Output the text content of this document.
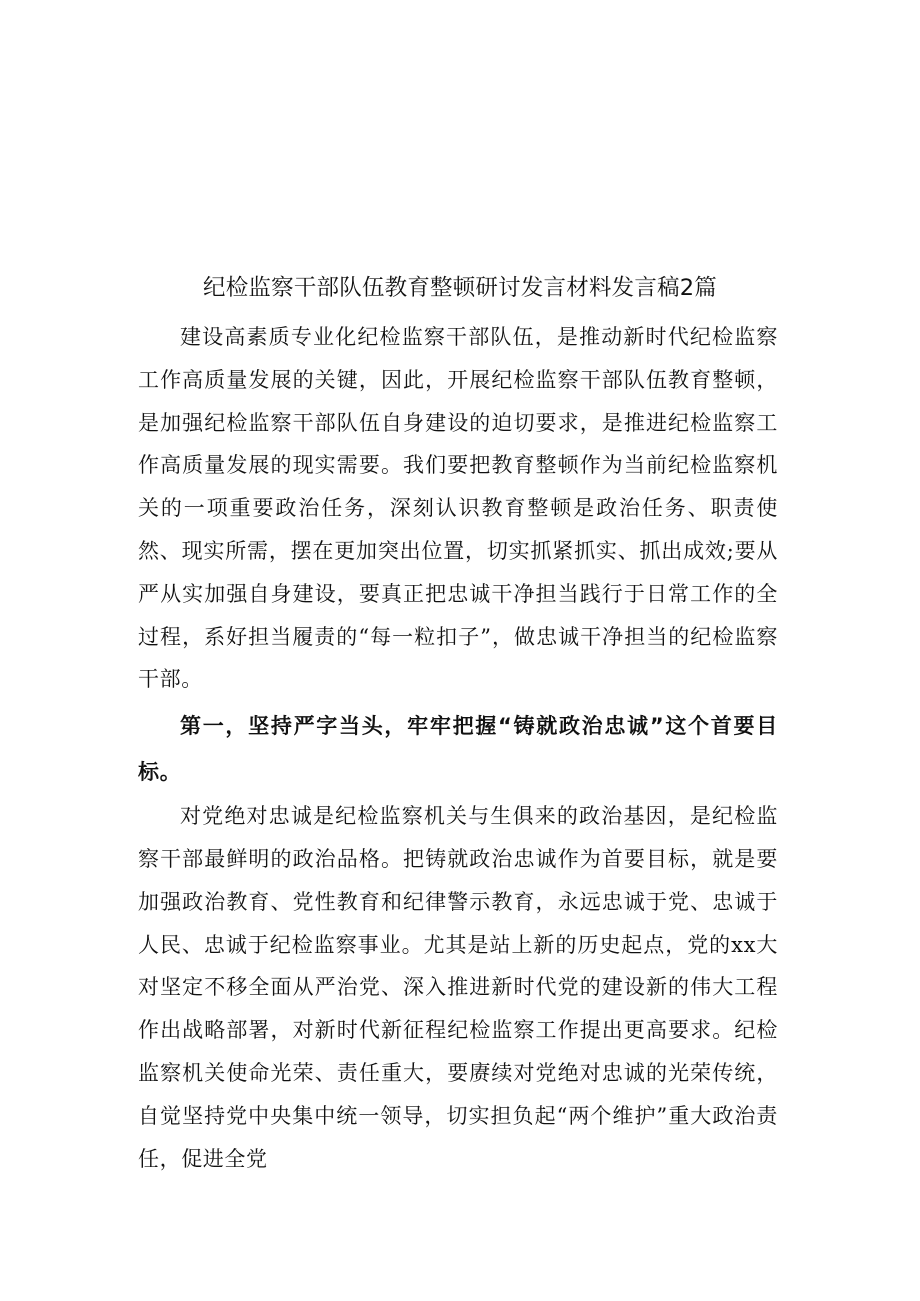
纪检监察干部队伍教育整顿研讨发言材料发言稿2篇

建设高素质专业化纪检监察干部队伍，是推动新时代纪检监察工作高质量发展的关键，因此，开展纪检监察干部队伍教育整顿，是加强纪检监察干部队伍自身建设的迫切要求，是推进纪检监察工作高质量发展的现实需要。我们要把教育整顿作为当前纪检监察机关的一项重要政治任务，深刻认识教育整顿是政治任务、职责使然、现实所需，摆在更加突出位置，切实抓紧抓实、抓出成效;要从严从实加强自身建设，要真正把忠诚干净担当践行于日常工作的全过程，系好担当履责的“每一粒扣子”，做忠诚干净担当的纪检监察干部。

第一，坚持严字当头，牢牢把握“铸就政治忠诚”这个首要目标。

对党绝对忠诚是纪检监察机关与生俱来的政治基因，是纪检监察干部最鲜明的政治品格。把铸就政治忠诚作为首要目标，就是要加强政治教育、党性教育和纪律警示教育，永远忠诚于党、忠诚于人民、忠诚于纪检监察事业。尤其是站上新的历史起点，党的xx大对坚定不移全面从严治党、深入推进新时代党的建设新的伟大工程作出战略部署，对新时代新征程纪检监察工作提出更高要求。纪检监察机关使命光荣、责任重大，要赓续对党绝对忠诚的光荣传统，自觉坚持党中央集中统一领导，切实担负起“两个维护”重大政治责任，促进全党
